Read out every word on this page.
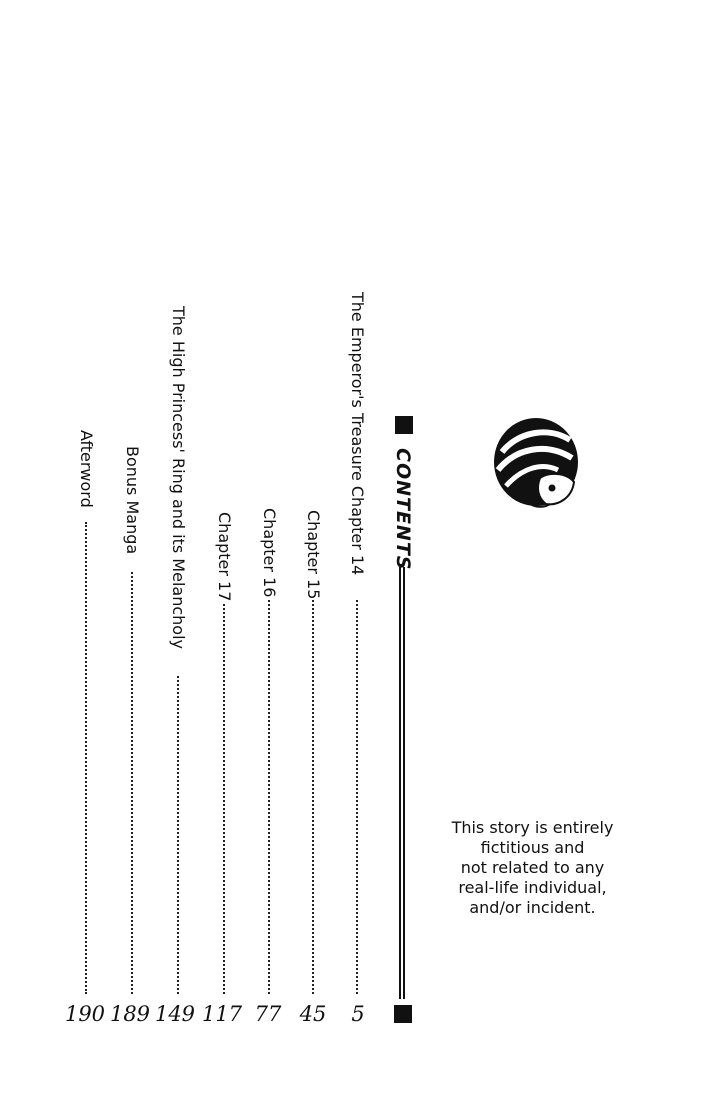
CONTENTS
The Emperor's Treasure Chapter 14
5
Chapter 15
45
Chapter 16
77
Chapter 17
117
The High Princess' Ring and its Melancholy
149
Bonus Manga
189
Afterword
190
This story is entirely
fictitious and
not related to any
real-life individual,
and/or incident.
